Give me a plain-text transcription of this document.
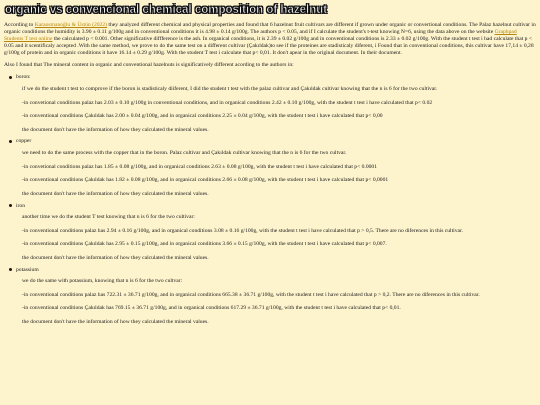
organic vs convencional chemical composition of hazelnut

According to Karaosmanoğlu & Üstün (2022) they analyzed different chemical and physical properties and found that 6 hazelnut fruit cultivars are different if grown under organic or convertional conditions. The Palaz hazelnut cultivar in organic conditions the humidity is 3.90 ± 0.11 g/100g and in conventional conditions it is 4.98 ± 0.14 g/100g. The authors p < 0.05, and if I calculate the student's t-test knowing N=6, using the data above on the website Graphpad Students T test online the calculated p < 0.001. Other significative diffference is the ash. In organical conditions, it is 2.39 ± 0.02 g/100g and in conventional conditions is 2.33 ± 0.02 g/100g. With the student t test i had calculate that p < 0.05 and it scentificaly accepted .With the same method, we prove to do the same test on a different cultivar (Çakıldak)to see if the proteines are stadisticaly diferent, i Found that in conventional conditions, this cultivar have 17,14 ± 0,28 g/100g of protein and in organic conditions it have 16.14 ± 0.29 g/100g. With the student T test i calculate that p< 0,01. It don't apear in the original document. In their document.

Also I found that The mineral content in organic and conventional hazelnuts is significatively different acording to the authors in:

boron:

if we do the student t test to comprove if the boron is stadisticaly diiferent, I did the student t test with the palaz cultivar and Çakıldak cultivar knowing that the n is 6 for the two cultivar.

-in convetional conditions palaz has 2.03 ± 0.10 g/100g in conventional conditions, and in organical conditions 2.42 ± 0.10 g/100g, with the student t test i have calculated that p< 0.02

-in conventional conditions Çakıldak has 2.00 ± 0.04 g/100g, and in organical conditions 2.25 ± 0.04 g/100g, with the student t test i have calculated that p< 0,00

the document don't have the information of how they calculated the mineral values.

copper

we need to do the same process with the copper that in the boron. Palaz cultivar and Çakıldak cultivar knowing that the n is 6 for the two cultvar.

-in convetional conditions palaz has 1.85 ± 0.08 g/100g, and in organical conditions 2.63 ± 0.08 g/100g, with the student t test i have calculated that p< 0.0001

-in conventional conditions Çakıldak has 1.82 ± 0.08 g/100g, and in organical conditions 2.66 ± 0.08 g/100g, with the student t test i have calculated that p< 0,0001

the document don't have the information of how they calculated the mineral values.

iron

another time we do the student T test knowing that n is 6 for the two cultivar:

-in conventional conditions palaz has 2.94 ± 0.16 g/100g, and in organical conditions 3.08 ± 0.16 g/100g, with the student t test i have calculated that p > 0,5. There are no diferences in this cultivar.

-in conventional conditions Çakıldak has 2.95 ± 0.15 g/100g, and in organical conditions 3.66 ± 0.15 g/100g, with the student t test i have calculated that p< 0,007.

the document don't have the information of how they calculated the mineral values.

potassium

we do the same with potassium, knowing that n is 6 for the two cultvar:

-in conventional conditions palaz has 722.31 ± 36.71 g/100g, and in organical conditions 665.38 ± 36.71 g/100g, with the student t test i have calculated that p > 0,2. There are no diferences in this cultivar.

-in conventional conditions Çakıldak has 769.15 ± 36.71 g/100g, and in organical conditions 617.29 ± 36.71 g/100g, with the student t test i have calculated that p< 0,01.

the document don't have the information of how they calculated the mineral values.
